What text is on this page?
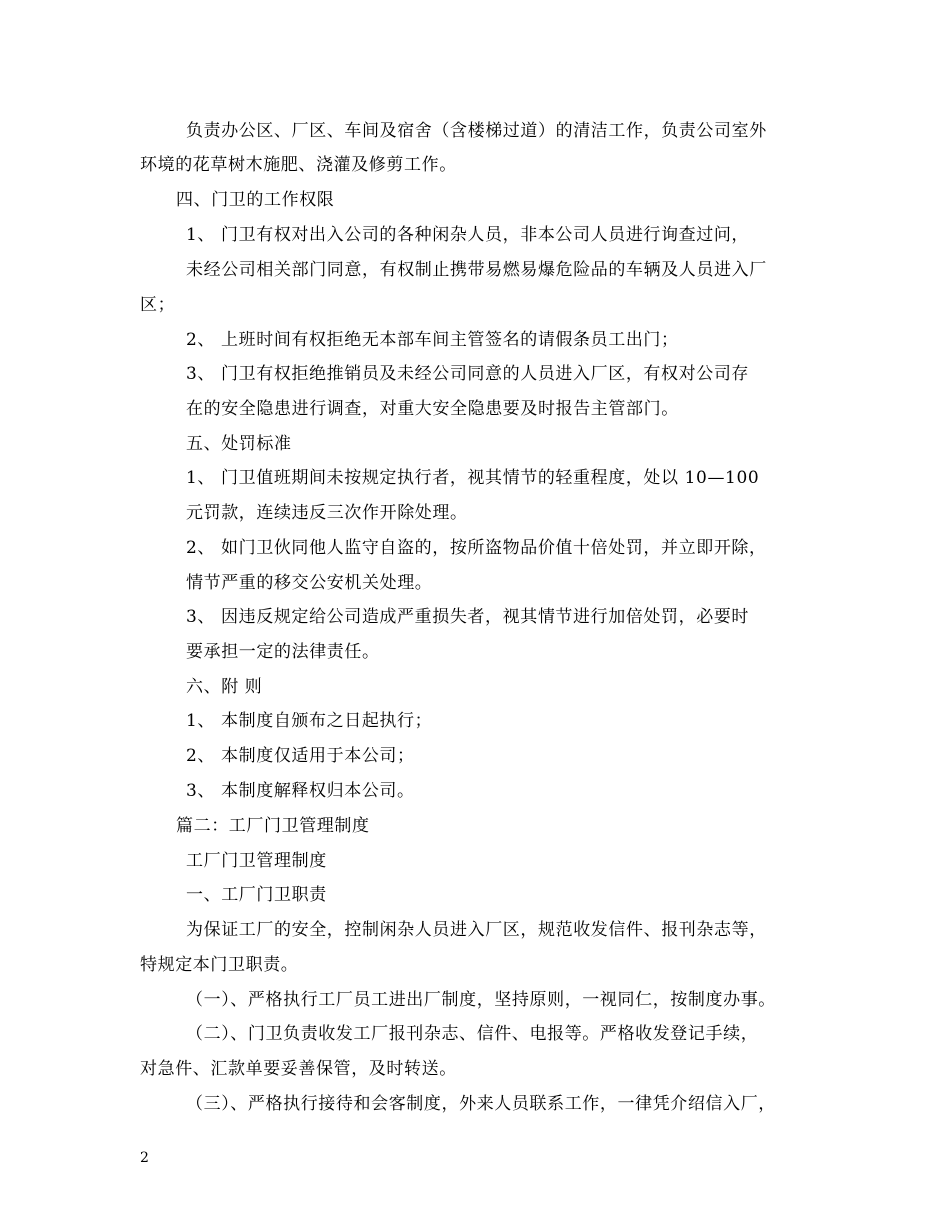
负责办公区、厂区、车间及宿舍（含楼梯过道）的清洁工作，负责公司室外
环境的花草树木施肥、浇灌及修剪工作。
四、门卫的工作权限
1、 门卫有权对出入公司的各种闲杂人员，非本公司人员进行询查过问，
未经公司相关部门同意，有权制止携带易燃易爆危险品的车辆及人员进入厂
区；
2、 上班时间有权拒绝无本部车间主管签名的请假条员工出门；
3、 门卫有权拒绝推销员及未经公司同意的人员进入厂区，有权对公司存
在的安全隐患进行调查，对重大安全隐患要及时报告主管部门。
五、处罚标准
1、 门卫值班期间未按规定执行者，视其情节的轻重程度，处以 10—100
元罚款，连续违反三次作开除处理。
2、 如门卫伙同他人监守自盗的，按所盗物品价值十倍处罚，并立即开除，
情节严重的移交公安机关处理。
3、 因违反规定给公司造成严重损失者，视其情节进行加倍处罚，必要时
要承担一定的法律责任。
六、附 则
1、 本制度自颁布之日起执行；
2、 本制度仅适用于本公司；
3、 本制度解释权归本公司。
篇二：工厂门卫管理制度
工厂门卫管理制度
一、工厂门卫职责
为保证工厂的安全，控制闲杂人员进入厂区，规范收发信件、报刊杂志等，
特规定本门卫职责。
（一）、严格执行工厂员工进出厂制度，坚持原则，一视同仁，按制度办事。
（二）、门卫负责收发工厂报刊杂志、信件、电报等。严格收发登记手续，
对急件、汇款单要妥善保管，及时转送。
（三）、严格执行接待和会客制度，外来人员联系工作，一律凭介绍信入厂，
2
